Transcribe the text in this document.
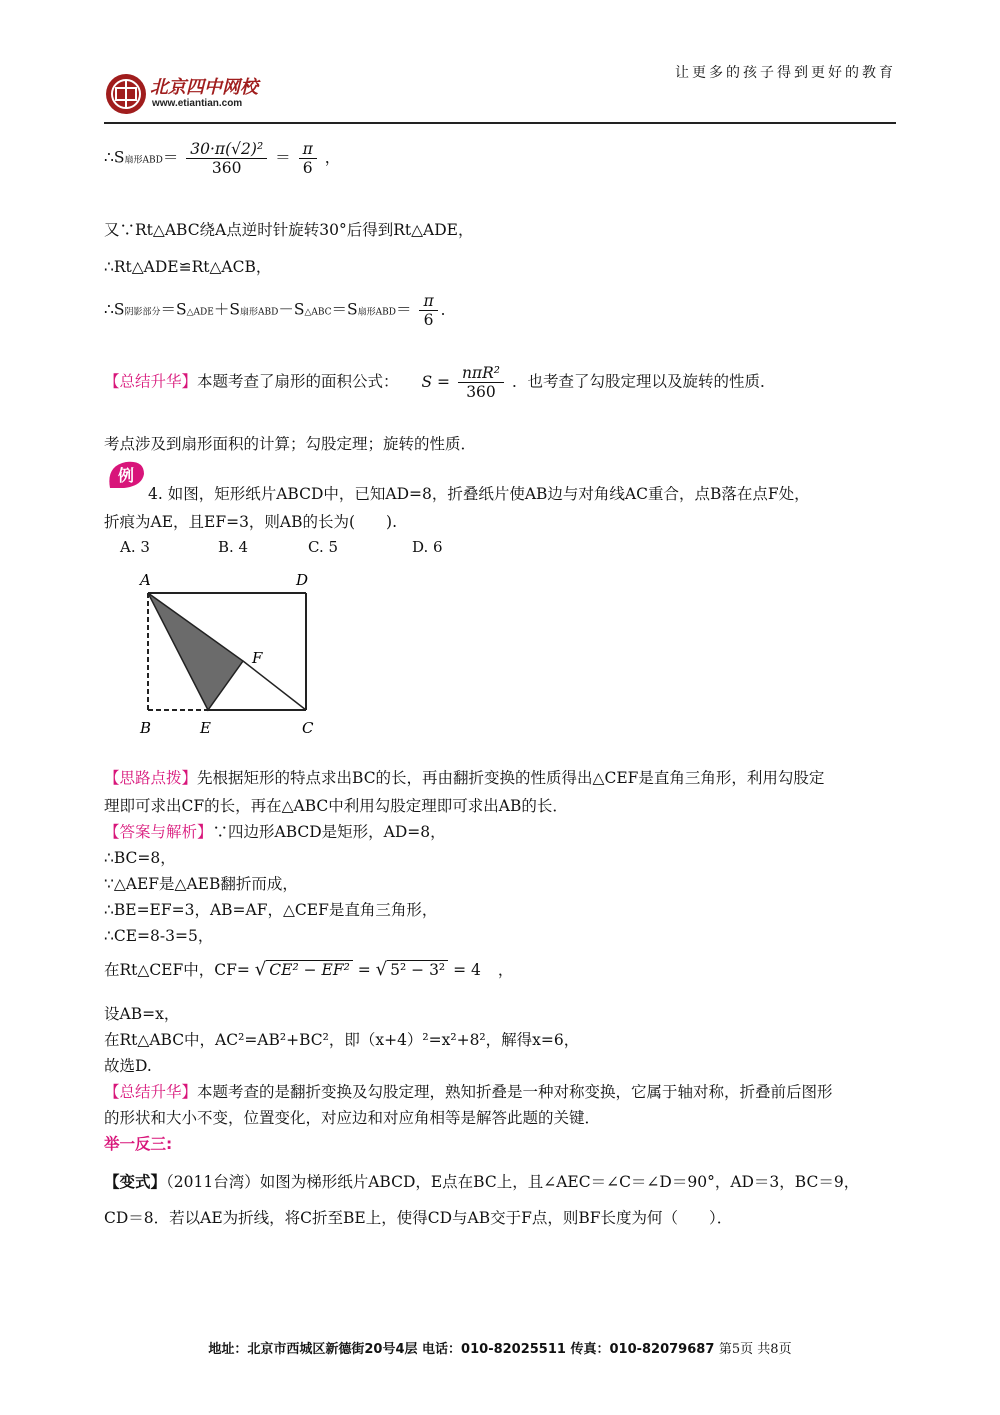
让更多的孩子得到更好的教育
北京四中网校
www.etiantian.com
∴S扇形$ABD= \frac{\text{30·π(√2)²}}{360} = \frac{\pi}{6}$ ，
又∵Rt△ABC绕A点逆时针旋转30°后得到Rt△ADE，
∴Rt△ADE≌Rt△ACB，
∴S阴影部分＝S△ADE＋S扇形ABD－S△ABC＝S扇形$ABD= \frac{\pi}{6}$ ．
【总结升华】本题考查了扇形的面积公式： $S = \frac{\text{nπR²}}{360}$ ．也考查了勾股定理以及旋转的性质．
考点涉及到扇形面积的计算；勾股定理；旋转的性质．
例
4. 如图，矩形纸片ABCD中，已知AD=8，折叠纸片使AB边与对角线AC重合，点B落在点F处，
折痕为AE，且EF=3，则AB的长为(　　).
A. 3	B. 4	C. 5	D. 6
A	D
F
B	E	C
【思路点拨】先根据矩形的特点求出BC的长，再由翻折变换的性质得出△CEF是直角三角形，利用勾股定
理即可求出CF的长，再在△ABC中利用勾股定理即可求出AB的长．
【答案与解析】∵四边形ABCD是矩形，AD=8，
∴BC=8，
∵△AEF是△AEB翻折而成，
∴BE=EF=3，AB=AF，△CEF是直角三角形，
∴CE=8-3=5，
在Rt△CEF中，CF= √ CE² − EF² = √ 5² − 3² = 4 ，
设AB=x，
在Rt△ABC中，AC²=AB²+BC²，即（x+4）²=x²+8²，解得x=6，
故选D.
【总结升华】本题考查的是翻折变换及勾股定理，熟知折叠是一种对称变换，它属于轴对称，折叠前后图形
的形状和大小不变，位置变化，对应边和对应角相等是解答此题的关键．
举一反三:
【变式】（2011台湾）如图为梯形纸片ABCD，E点在BC上，且∠AEC＝∠C＝∠D＝90°，AD＝3，BC＝9，
CD＝8．若以AE为折线，将C折至BE上，使得CD与AB交于F点，则BF长度为何（　　）．
地址：北京市西城区新德街20号4层 电话：010-82025511 传真：010-82079687 第5页 共8页
